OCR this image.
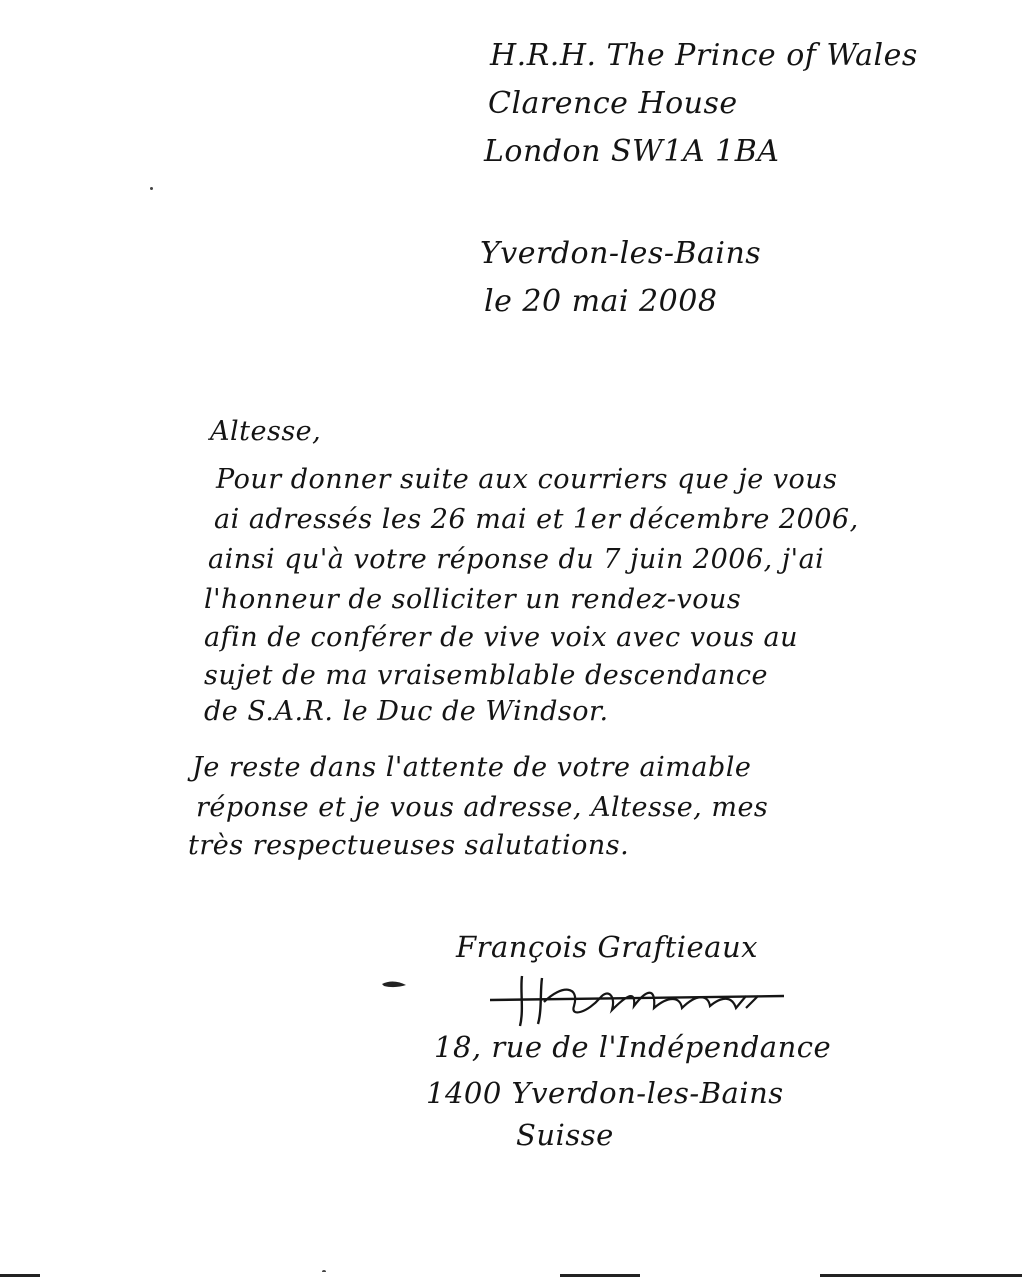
H.R.H. The Prince of Wales
Clarence House
London SW1A 1BA
Yverdon-les-Bains
le 20 mai 2008
Altesse,
Pour donner suite aux courriers que je vous
ai adressés les 26 mai et 1er décembre 2006,
ainsi qu'à votre réponse du 7 juin 2006, j'ai
l'honneur de solliciter un rendez-vous
afin de conférer de vive voix avec vous au
sujet de ma vraisemblable descendance
de S.A.R. le Duc de Windsor.
Je reste dans l'attente de votre aimable
réponse et je vous adresse, Altesse, mes
très respectueuses salutations.
François Graftieaux
18, rue de l'Indépendance
1400 Yverdon-les-Bains
Suisse
